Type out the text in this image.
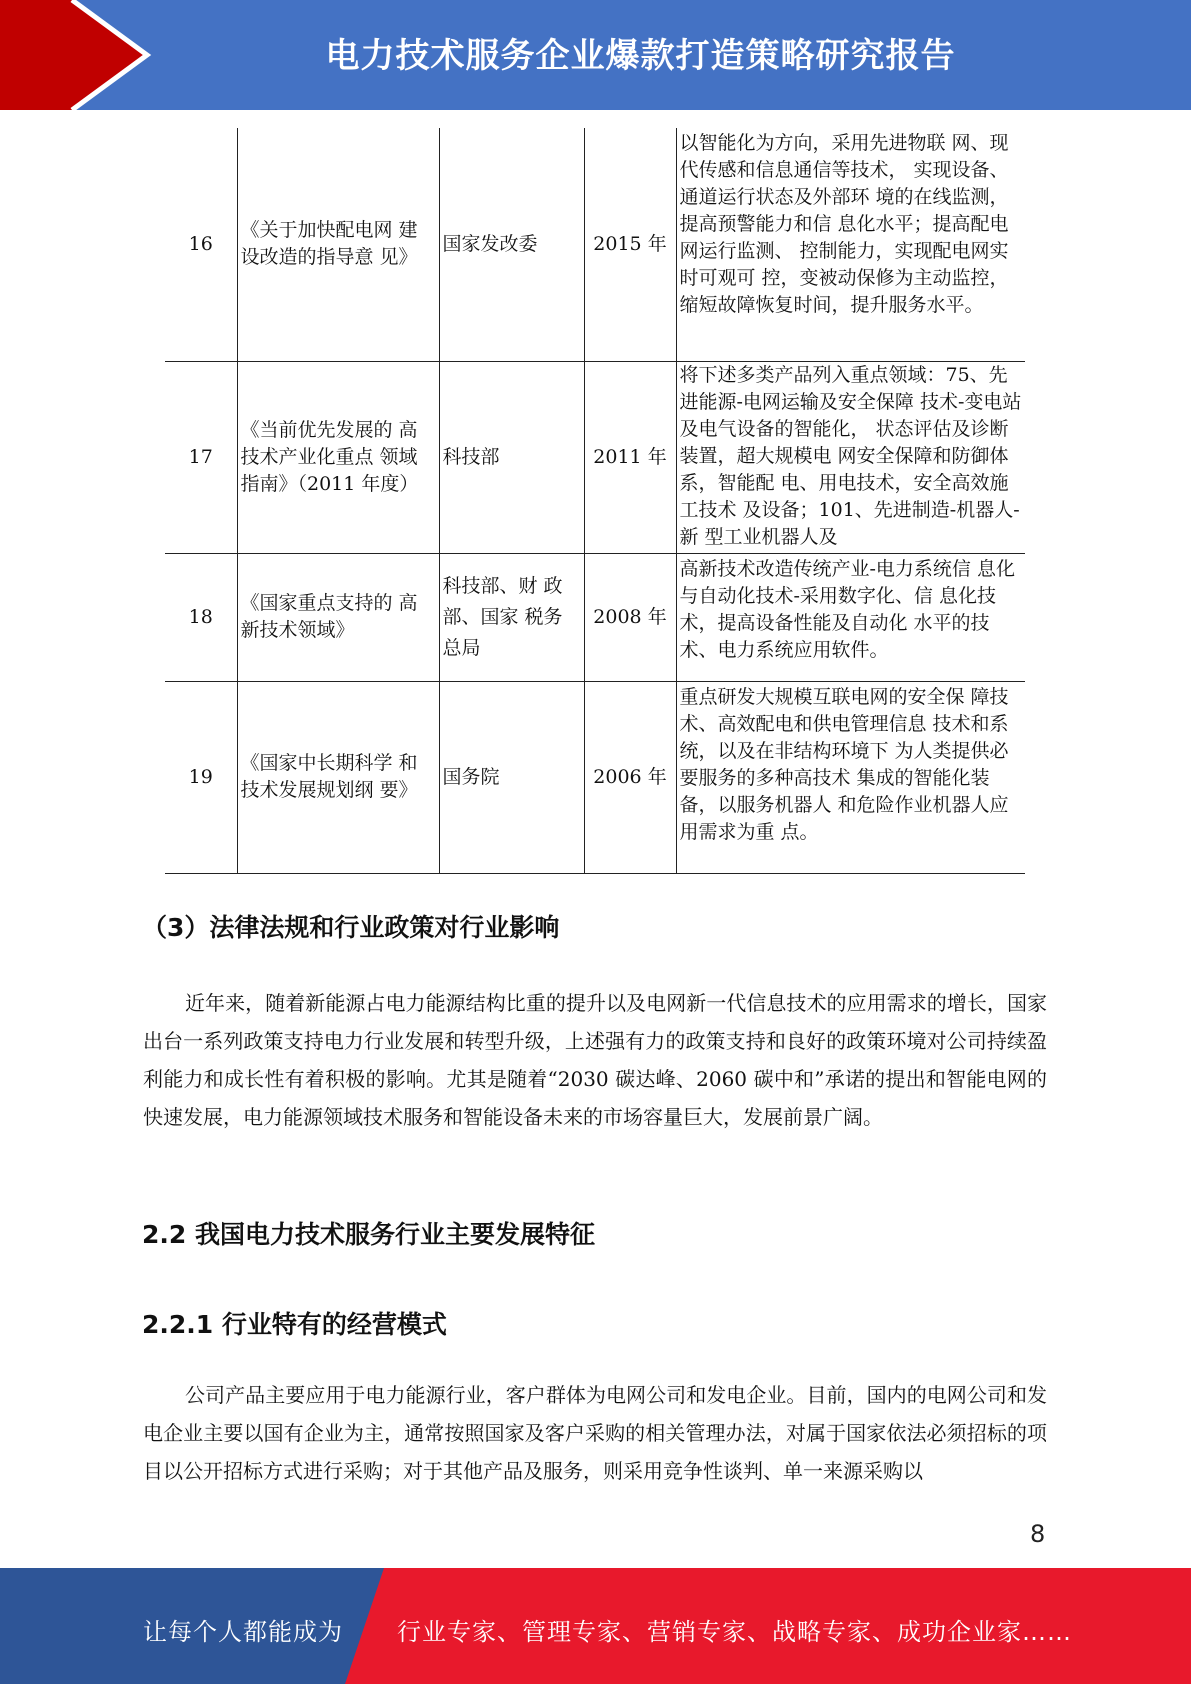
电力技术服务企业爆款打造策略研究报告
16	《关于加快配电网 建设改造的指导意 见》	国家发改委	2015 年	以智能化为方向，采用先进物联 网、现代传感和信息通信等技术， 实现设备、通道运行状态及外部环 境的在线监测，提高预警能力和信 息化水平；提高配电网运行监测、 控制能力，实现配电网实时可观可 控，变被动保修为主动监控，缩短故障恢复时间，提升服务水平。
17	《当前优先发展的 高技术产业化重点 领域指南》（2011 年度）	科技部	2011 年	将下述多类产品列入重点领域：75、先进能源-电网运输及安全保障 技术-变电站及电气设备的智能化， 状态评估及诊断装置，超大规模电 网安全保障和防御体系，智能配 电、用电技术，安全高效施工技术 及设备；101、先进制造-机器人-新 型工业机器人及

18	《国家重点支持的 高新技术领域》	科技部、财 政部、国家 税务总局	2008 年	高新技术改造传统产业-电力系统信 息化与自动化技术-采用数字化、信 息化技术，提高设备性能及自动化 水平的技术、电力系统应用软件。
19	《国家中长期科学 和技术发展规划纲 要》	国务院	2006 年	重点研发大规模互联电网的安全保 障技术、高效配电和供电管理信息 技术和系统，以及在非结构环境下 为人类提供必要服务的多种高技术 集成的智能化装备，以服务机器人 和危险作业机器人应用需求为重 点。
（3）法律法规和行业政策对行业影响

近年来，随着新能源占电力能源结构比重的提升以及电网新一代信息技术的应用需求的增长，国家出台一系列政策支持电力行业发展和转型升级，上述强有力的政策支持和良好的政策环境对公司持续盈利能力和成长性有着积极的影响。尤其是随着“2030 碳达峰、2060 碳中和”承诺的提出和智能电网的快速发展，电力能源领域技术服务和智能设备未来的市场容量巨大，发展前景广阔。

2.2 我国电力技术服务行业主要发展特征
2.2.1 行业特有的经营模式

公司产品主要应用于电力能源行业，客户群体为电网公司和发电企业。目前，国内的电网公司和发电企业主要以国有企业为主，通常按照国家及客户采购的相关管理办法，对属于国家依法必须招标的项目以公开招标方式进行采购；对于其他产品及服务，则采用竞争性谈判、单一来源采购以

8
让每个人都能成为 行业专家、管理专家、营销专家、战略专家、成功企业家……
